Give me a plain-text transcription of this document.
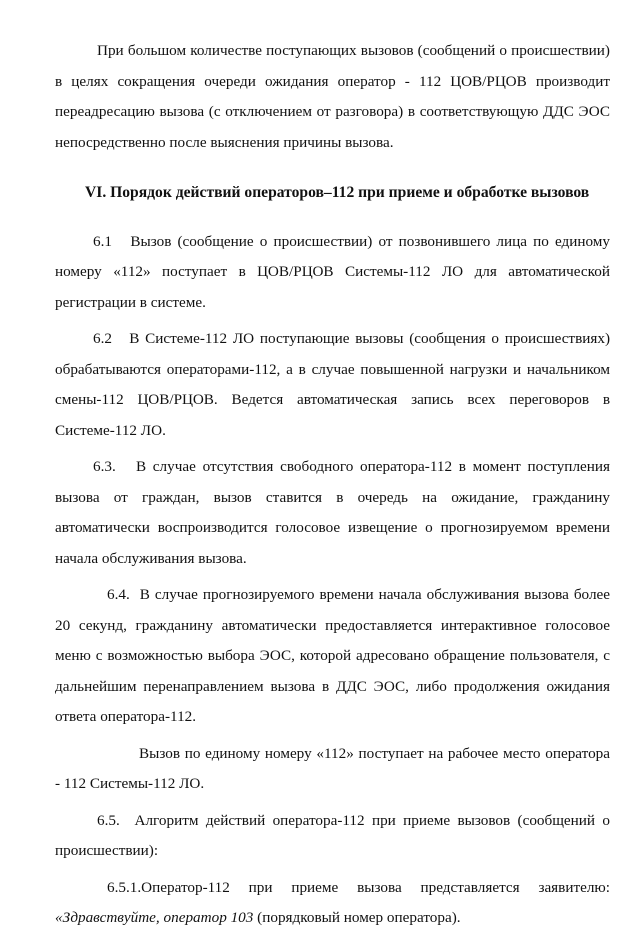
При большом количестве поступающих вызовов (сообщений о происшествии) в целях сокращения очереди ожидания оператор - 112 ЦОВ/РЦОВ производит переадресацию вызова (с отключением от разговора) в соответствующую ДДС ЭОС непосредственно после выяснения причины вызова.

VI. Порядок действий операторов–112 при приеме и обработке вызовов

6.1 Вызов (сообщение о происшествии) от позвонившего лица по единому номеру «112» поступает в ЦОВ/РЦОВ Системы-112 ЛО для автоматической регистрации в системе.

6.2 В Системе-112 ЛО поступающие вызовы (сообщения о происшествиях) обрабатываются операторами-112, а в случае повышенной нагрузки и начальником смены-112 ЦОВ/РЦОВ. Ведется автоматическая запись всех переговоров в Системе-112 ЛО.

6.3. В случае отсутствия свободного оператора-112 в момент поступления вызова от граждан, вызов ставится в очередь на ожидание, гражданину автоматически воспроизводится голосовое извещение о прогнозируемом времени начала обслуживания вызова.

6.4. В случае прогнозируемого времени начала обслуживания вызова более 20 секунд, гражданину автоматически предоставляется интерактивное голосовое меню с возможностью выбора ЭОС, которой адресовано обращение пользователя, с дальнейшим перенаправлением вызова в ДДС ЭОС, либо продолжения ожидания ответа оператора-112.

Вызов по единому номеру «112» поступает на рабочее место оператора - 112 Системы-112 ЛО.

6.5. Алгоритм действий оператора-112 при приеме вызовов (сообщений о происшествии):

6.5.1.Оператор-112 при приеме вызова представляется заявителю: «Здравствуйте, оператор 103 (порядковый номер оператора).
